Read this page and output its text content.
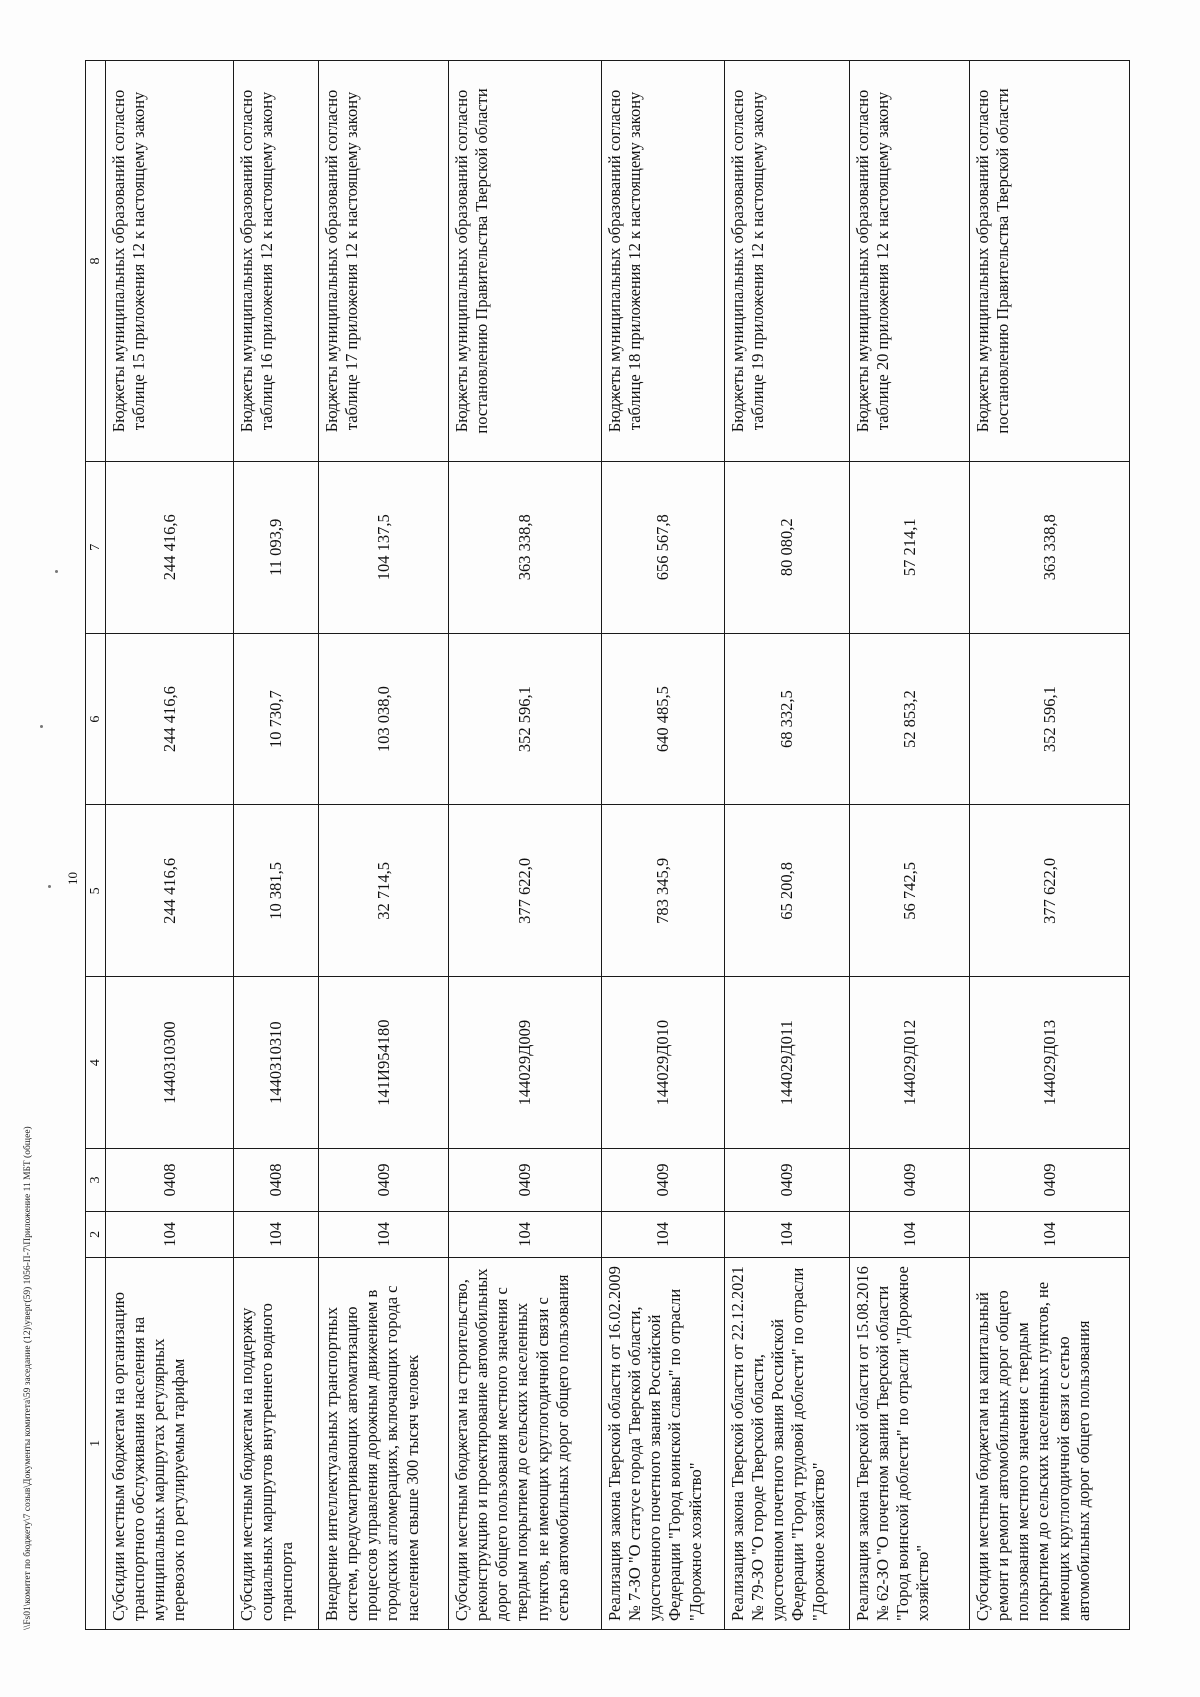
10
\\Fs01\комитет по бюджету\7 созыв\Документы комитета\59 заседание (12)\уверг(59) 1056-П-7\Приложение 11 МБТ (общее)	1	2	3	4	5	6	7	8
Субсидии местным бюджетам на организацию транспортного обслуживания населения на муниципальных маршрутах регулярных перевозок по регулируемым тарифам	104	0408	1440310300	244 416,6	244 416,6	244 416,6	Бюджеты муниципальных образований согласно таблице 15 приложения 12 к настоящему закону
Субсидии местным бюджетам на поддержку социальных маршрутов внутреннего водного транспорта	104	0408	1440310310	10 381,5	10 730,7	11 093,9	Бюджеты муниципальных образований согласно таблице 16 приложения 12 к настоящему закону
Внедрение интеллектуальных транспортных систем, предусматривающих автоматизацию процессов управления дорожным движением в городских агломерациях, включающих города с населением свыше 300 тысяч человек	104	0409	141И954180	32 714,5	103 038,0	104 137,5	Бюджеты муниципальных образований согласно таблице 17 приложения 12 к настоящему закону
Субсидии местным бюджетам на строительство, реконструкцию и проектирование автомобильных дорог общего пользования местного значения с твердым покрытием до сельских населенных пунктов, не имеющих круглогодичной связи с сетью автомобильных дорог общего пользования	104	0409	144029Д009	377 622,0	352 596,1	363 338,8	Бюджеты муниципальных образований согласно постановлению Правительства Тверской области
Реализация закона Тверской области от 16.02.2009 № 7-ЗО "О статусе города Тверской области, удостоенного почетного звания Российской Федерации "Город воинской славы" по отрасли "Дорожное хозяйство"	104	0409	144029Д010	783 345,9	640 485,5	656 567,8	Бюджеты муниципальных образований согласно таблице 18 приложения 12 к настоящему закону
Реализация закона Тверской области от 22.12.2021 № 79-ЗО "О городе Тверской области, удостоенном почетного звания Российской Федерации "Город трудовой доблести" по отрасли "Дорожное хозяйство"	104	0409	144029Д011	65 200,8	68 332,5	80 080,2	Бюджеты муниципальных образований согласно таблице 19 приложения 12 к настоящему закону
Реализация закона Тверской области от 15.08.2016 № 62-ЗО "О почетном звании Тверской области "Город воинской доблести" по отрасли "Дорожное хозяйство"	104	0409	144029Д012	56 742,5	52 853,2	57 214,1	Бюджеты муниципальных образований согласно таблице 20 приложения 12 к настоящему закону
Субсидии местным бюджетам на капитальный ремонт и ремонт автомобильных дорог общего пользования местного значения с твердым покрытием до сельских населенных пунктов, не имеющих круглогодичной связи с сетью автомобильных дорог общего пользования	104	0409	144029Д013	377 622,0	352 596,1	363 338,8	Бюджеты муниципальных образований согласно постановлению Правительства Тверской области
